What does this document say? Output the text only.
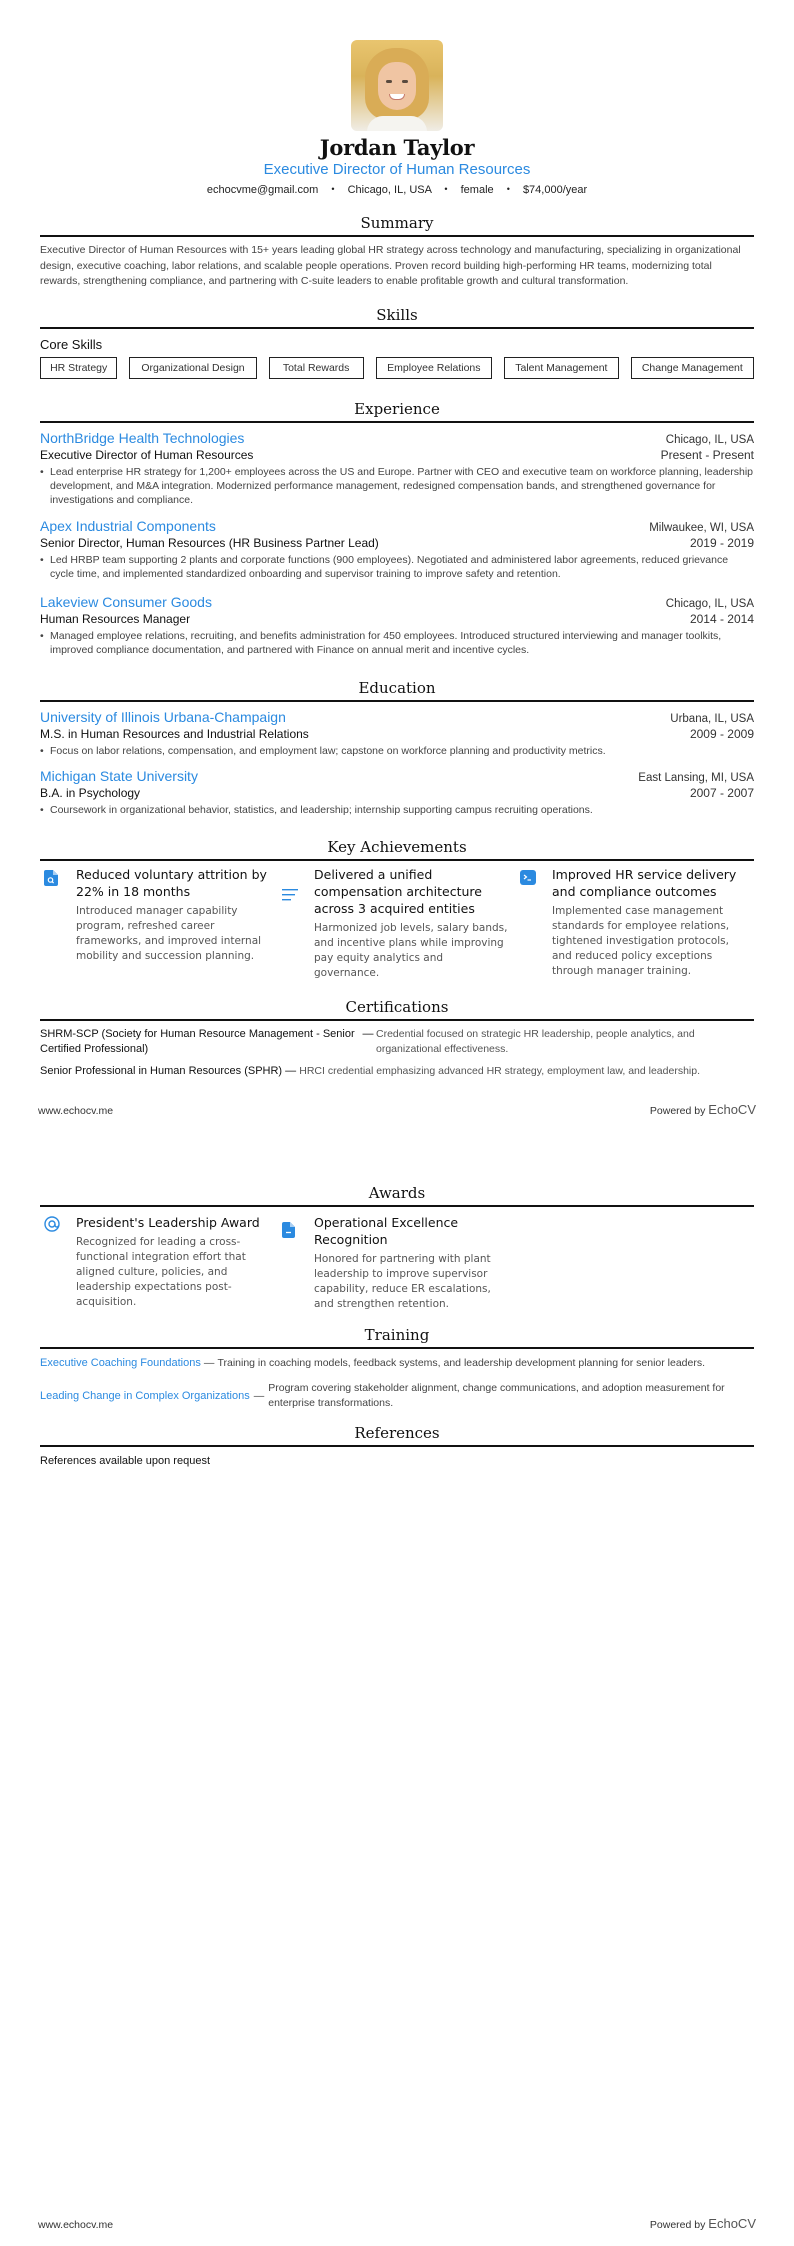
Jordan Taylor
Executive Director of Human Resources
echocvme@gmail.com • Chicago, IL, USA • female • $74,000/year
Summary
Executive Director of Human Resources with 15+ years leading global HR strategy across technology and manufacturing, specializing in organizational design, executive coaching, labor relations, and scalable people operations. Proven record building high-performing HR teams, modernizing total rewards, strengthening compliance, and partnering with C-suite leaders to enable profitable growth and cultural transformation.
Skills
Core Skills
HR Strategy	Organizational Design	Total Rewards	Employee Relations	Talent Management	Change Management
Experience
NorthBridge Health Technologies	Chicago, IL, USA
Executive Director of Human Resources	Present - Present
• Lead enterprise HR strategy for 1,200+ employees across the US and Europe. Partner with CEO and executive team on workforce planning, leadership development, and M&A integration. Modernized performance management, redesigned compensation bands, and strengthened governance for investigations and compliance.
Apex Industrial Components	Milwaukee, WI, USA
Senior Director, Human Resources (HR Business Partner Lead)	2019 - 2019
• Led HRBP team supporting 2 plants and corporate functions (900 employees). Negotiated and administered labor agreements, reduced grievance cycle time, and implemented standardized onboarding and supervisor training to improve safety and retention.
Lakeview Consumer Goods	Chicago, IL, USA
Human Resources Manager	2014 - 2014
• Managed employee relations, recruiting, and benefits administration for 450 employees. Introduced structured interviewing and manager toolkits, improved compliance documentation, and partnered with Finance on annual merit and incentive cycles.
Education
University of Illinois Urbana-Champaign	Urbana, IL, USA
M.S. in Human Resources and Industrial Relations	2009 - 2009
• Focus on labor relations, compensation, and employment law; capstone on workforce planning and productivity metrics.
Michigan State University	East Lansing, MI, USA
B.A. in Psychology	2007 - 2007
• Coursework in organizational behavior, statistics, and leadership; internship supporting campus recruiting operations.
Key Achievements
Reduced voluntary attrition by 22% in 18 months
Introduced manager capability program, refreshed career frameworks, and improved internal mobility and succession planning.
Delivered a unified compensation architecture across 3 acquired entities
Harmonized job levels, salary bands, and incentive plans while improving pay equity analytics and governance.
Improved HR service delivery and compliance outcomes
Implemented case management standards for employee relations, tightened investigation protocols, and reduced policy exceptions through manager training.
Certifications
SHRM-SCP (Society for Human Resource Management - Senior Certified Professional)
— Credential focused on strategic HR leadership, people analytics, and organizational effectiveness.
Senior Professional in Human Resources (SPHR) — HRCI credential emphasizing advanced HR strategy, employment law, and leadership.
www.echocv.me	Powered by EchoCV
Awards
President's Leadership Award
Recognized for leading a cross-functional integration effort that aligned culture, policies, and leadership expectations post-acquisition.
Operational Excellence Recognition
Honored for partnering with plant leadership to improve supervisor capability, reduce ER escalations, and strengthen retention.
Training
Executive Coaching Foundations — Training in coaching models, feedback systems, and leadership development planning for senior leaders.
Leading Change in Complex Organizations —
Program covering stakeholder alignment, change communications, and adoption measurement for enterprise transformations.
References
References available upon request
www.echocv.me	Powered by EchoCV
